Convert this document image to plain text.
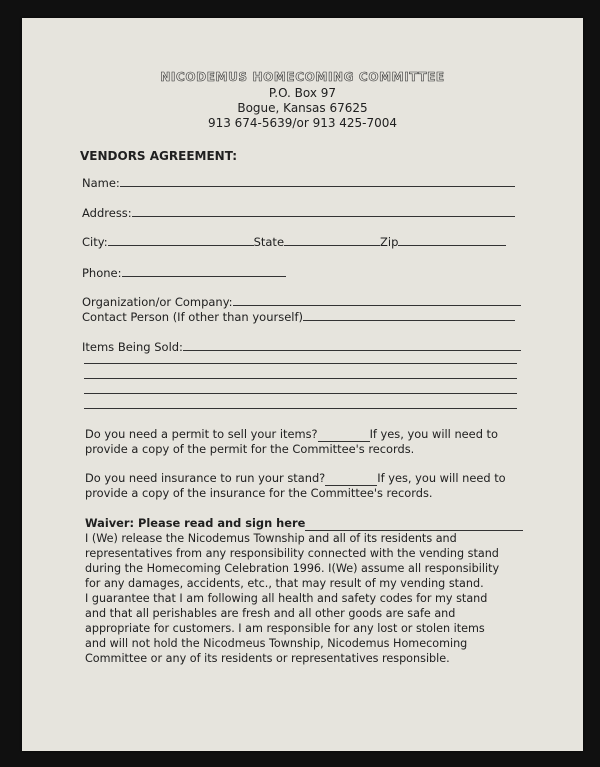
NICODEMUS HOMECOMING COMMITTEE
P.O. Box 97
Bogue, Kansas 67625
913 674-5639/or 913 425-7004
VENDORS AGREEMENT:
Name:
Address:
City:	State	Zip
Phone:
Organization/or Company:
Contact Person (If other than yourself)
Items Being Sold:
Do you need a permit to sell your items?	If yes, you will need to
provide a copy of the permit for the Committee's records.
Do you need insurance to run your stand?	If yes, you will need to
provide a copy of the insurance for the Committee's records.
Waiver: Please read and sign here
I (We) release the Nicodemus Township and all of its residents and
representatives from any responsibility connected with the vending stand
during the Homecoming Celebration 1996. I(We) assume all responsibility
for any damages, accidents, etc., that may result of my vending stand.
I guarantee that I am following all health and safety codes for my stand
and that all perishables are fresh and all other goods are safe and
appropriate for customers. I am responsible for any lost or stolen items
and will not hold the Nicodmeus Township, Nicodemus Homecoming
Committee or any of its residents or representatives responsible.
